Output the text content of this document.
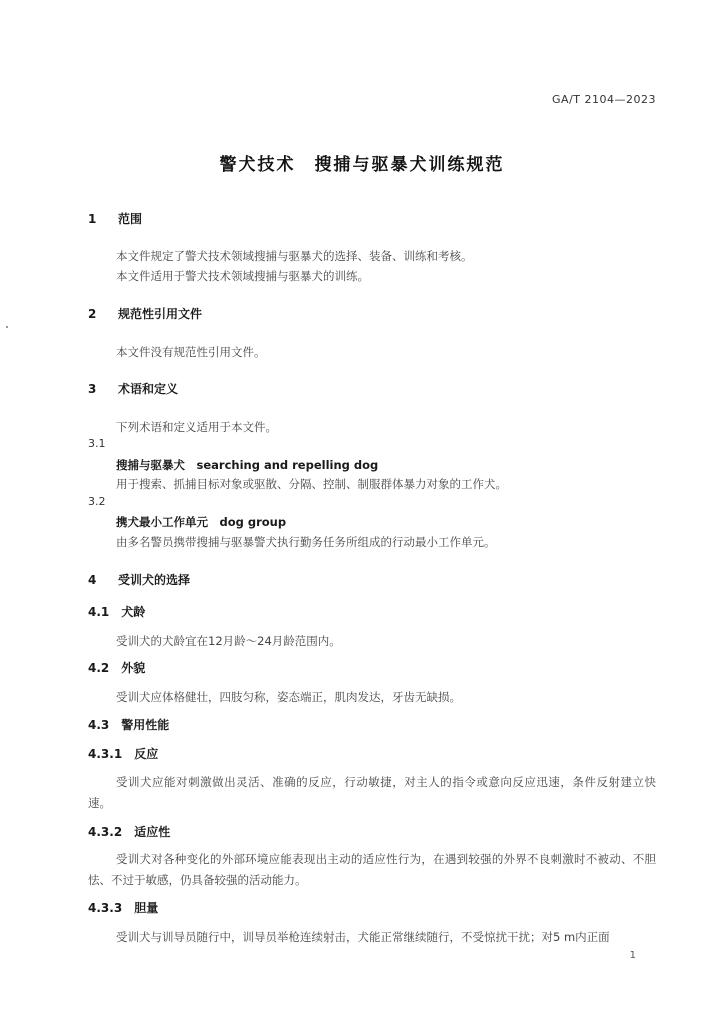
GA/T 2104—2023
警犬技术　搜捕与驱暴犬训练规范
1 范围
本文件规定了警犬技术领域搜捕与驱暴犬的选择、装备、训练和考核。
本文件适用于警犬技术领域搜捕与驱暴犬的训练。
2 规范性引用文件
本文件没有规范性引用文件。
3 术语和定义
下列术语和定义适用于本文件。
3.1
搜捕与驱暴犬　searching and repelling dog
用于搜索、抓捕目标对象或驱散、分隔、控制、制服群体暴力对象的工作犬。
3.2
携犬最小工作单元　dog group
由多名警员携带搜捕与驱暴警犬执行勤务任务所组成的行动最小工作单元。
4 受训犬的选择
4.1　 犬龄
受训犬的犬龄宜在12月龄～24月龄范围内。
4.2　 外貌
受训犬应体格健壮，四肢匀称，姿态端正，肌肉发达，牙齿无缺损。
4.3　 警用性能
4.3.1　 反应
受训犬应能对刺激做出灵活、准确的反应，行动敏捷，对主人的指令或意向反应迅速，条件反射建立快速。
4.3.2　 适应性
受训犬对各种变化的外部环境应能表现出主动的适应性行为，在遇到较强的外界不良刺激时不被动、不胆怯、不过于敏感，仍具备较强的活动能力。
4.3.3　 胆量
受训犬与训导员随行中，训导员举枪连续射击，犬能正常继续随行，不受惊扰干扰；对5 m内正面
1
